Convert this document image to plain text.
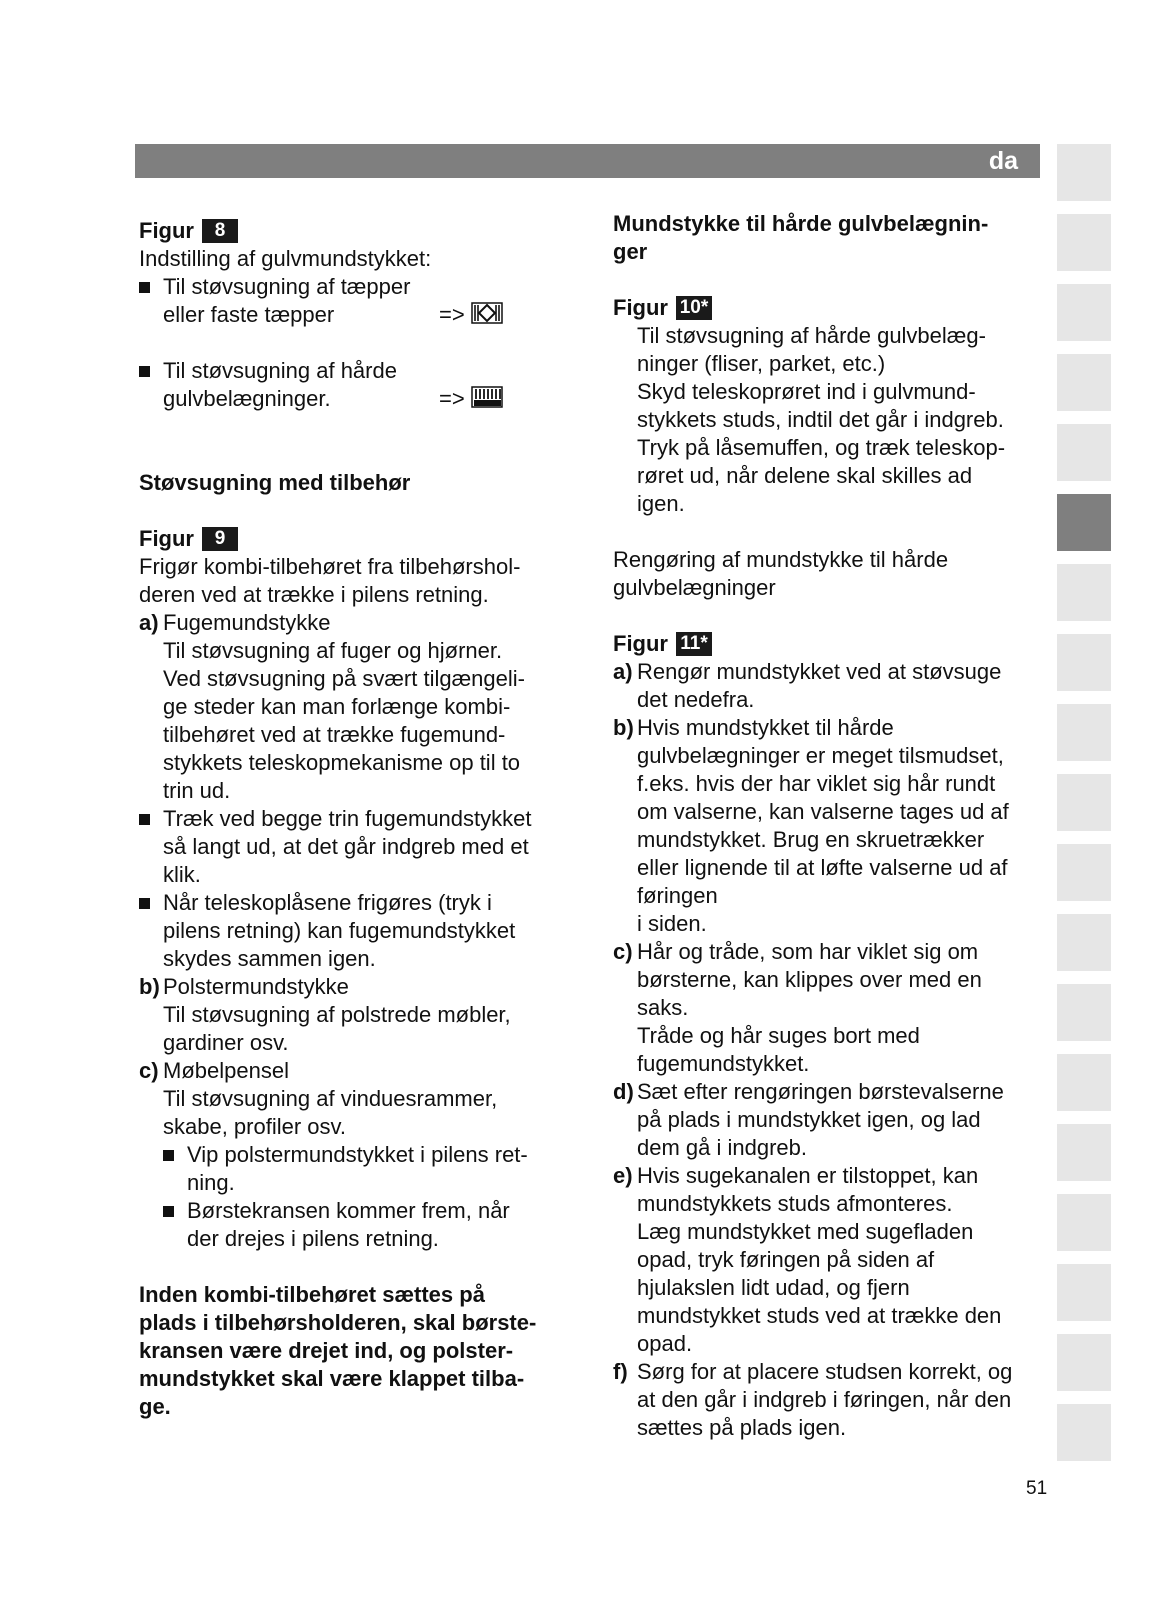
da
Figur	8

Indstilling af gulvmundstykket:

Til støvsugning af tæpper

eller faste tæpper	=>

Til støvsugning af hårde

gulvbelægninger.	=>

Støvsugning med tilbehør

Figur	9

Frigør kombi-tilbehøret fra tilbehørshol-

deren ved at trække i pilens retning.

a) Fugemundstykke

Til støvsugning af fuger og hjørner.

Ved støvsugning på svært tilgængeli-

ge steder kan man forlænge kombi-

tilbehøret ved at trække fugemund-

stykkets teleskopmekanisme op til to

trin ud.

Træk ved begge trin fugemundstykket

så langt ud, at det går indgreb med et

klik.

Når teleskoplåsene frigøres (tryk i

pilens retning) kan fugemundstykket

skydes sammen igen.

b) Polstermundstykke

Til støvsugning af polstrede møbler,

gardiner osv.

c) Møbelpensel

Til støvsugning af vinduesrammer,

skabe, profiler osv.

Vip polstermundstykket i pilens ret-

ning.

Børstekransen kommer frem, når

der drejes i pilens retning.

Inden kombi-tilbehøret sættes på

plads i tilbehørsholderen, skal børste-

kransen være drejet ind, og polster-

mundstykket skal være klappet tilba-

ge.

Mundstykke til hårde gulvbelægnin-

ger

Figur 10*

Til støvsugning af hårde gulvbelæg-

ninger (fliser, parket, etc.)

Skyd teleskoprøret ind i gulvmund-

stykkets studs, indtil det går i indgreb.

Tryk på låsemuffen, og træk teleskop-

røret ud, når delene skal skilles ad

igen.

Rengøring af mundstykke til hårde

gulvbelægninger

Figur 11*
a) Rengør mundstykket ved at støvsuge

det nedefra.

b) Hvis mundstykket til hårde

gulvbelægninger er meget tilsmudset,

f.eks. hvis der har viklet sig hår rundt

om valserne, kan valserne tages ud af

mundstykket. Brug en skruetrækker

eller lignende til at løfte valserne ud af

føringen

i siden.

c) Hår og tråde, som har viklet sig om

børsterne, kan klippes over med en

saks.

Tråde og hår suges bort med

fugemundstykket.

d) Sæt efter rengøringen børstevalserne

på plads i mundstykket igen, og lad

dem gå i indgreb.

e) Hvis sugekanalen er tilstoppet, kan

mundstykkets studs afmonteres.

Læg mundstykket med sugefladen

opad, tryk føringen på siden af

hjulakslen lidt udad, og fjern

mundstykket studs ved at trække den

opad.

f) Sørg for at placere studsen korrekt, og

at den går i indgreb i føringen, når den

sættes på plads igen.

51
